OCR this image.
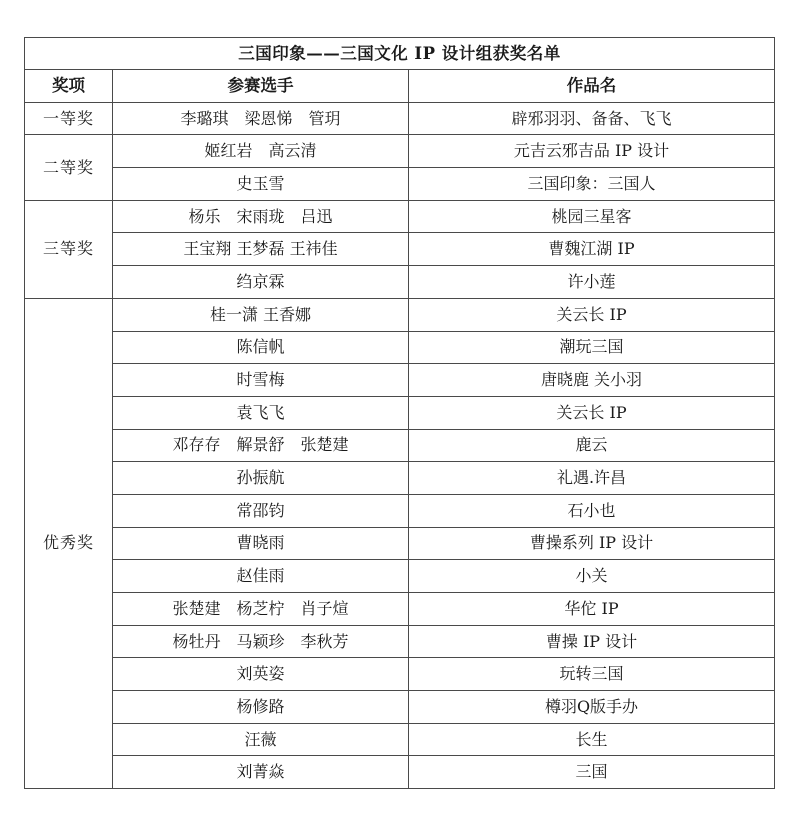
三国印象——三国文化 IP 设计组获奖名单		
奖项	参赛选手	作品名
一等奖	李璐琪　梁恩悌　管玥	辟邪羽羽、备备、飞飞
二等奖	姬红岩　高云清	元吉云邪吉品 IP 设计
	史玉雪	三国印象：三国人
三等奖	杨乐　宋雨珑　吕迅	桃园三星客
	王宝翔 王梦磊 王祎佳	曹魏江湖 IP
	绉京霖	许小莲
优秀奖	桂一潇 王香娜	关云长 IP
	陈信帆	潮玩三国
	时雪梅	唐晓鹿 关小羽
	袁飞飞	关云长 IP
	邓存存　解景舒　张楚建	鹿云
	孙振航	礼遇.许昌
	常邵钧	石小也
	曹晓雨	曹操系列 IP 设计
	赵佳雨	小关
	张楚建　杨芝柠　肖子煊	华佗 IP
	杨牡丹　马颖珍　李秋芳	曹操 IP 设计
	刘英姿	玩转三国
	杨修路	樽羽Q版手办
	汪薇	长生
	刘菁焱	三国
